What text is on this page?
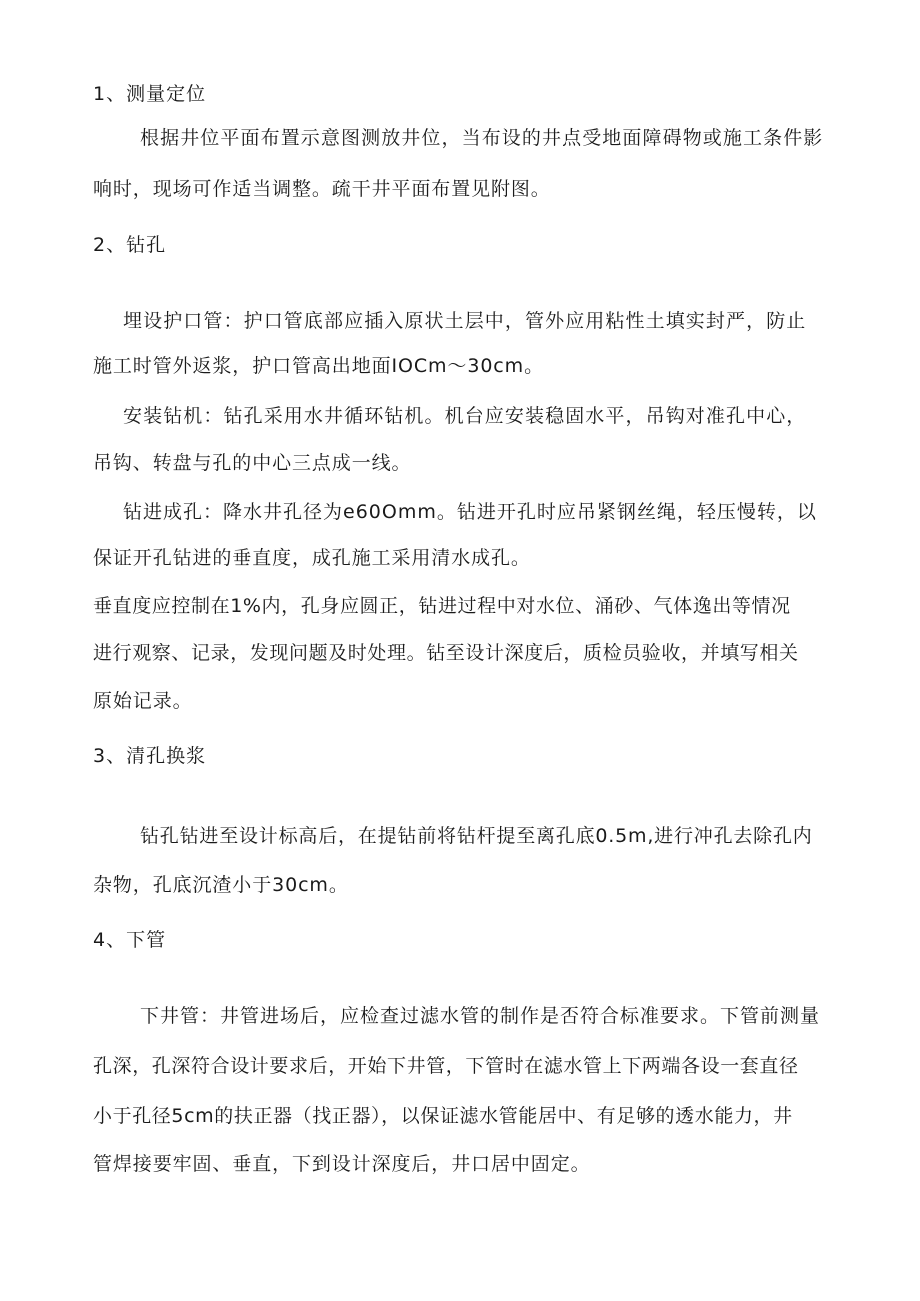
1、测量定位
根据井位平面布置示意图测放井位，当布设的井点受地面障碍物或施工条件影
响时，现场可作适当调整。疏干井平面布置见附图。
2、钻孔
埋设护口管：护口管底部应插入原状土层中，管外应用粘性土填实封严，防止
施工时管外返浆，护口管高出地面IOCm～30cm。
安装钻机：钻孔采用水井循环钻机。机台应安装稳固水平，吊钩对准孔中心，
吊钩、转盘与孔的中心三点成一线。
钻进成孔：降水井孔径为e60Omm。钻进开孔时应吊紧钢丝绳，轻压慢转，以
保证开孔钻进的垂直度，成孔施工采用清水成孔。
垂直度应控制在1%内，孔身应圆正，钻进过程中对水位、涌砂、气体逸出等情况
进行观察、记录，发现问题及时处理。钻至设计深度后，质检员验收，并填写相关
原始记录。
3、清孔换浆
钻孔钻进至设计标高后，在提钻前将钻杆提至离孔底0.5m,进行冲孔去除孔内
杂物，孔底沉渣小于30cm。
4、下管
下井管：井管进场后，应检查过滤水管的制作是否符合标准要求。下管前测量
孔深，孔深符合设计要求后，开始下井管，下管时在滤水管上下两端各设一套直径
小于孔径5cm的扶正器（找正器），以保证滤水管能居中、有足够的透水能力，井
管焊接要牢固、垂直，下到设计深度后，井口居中固定。
